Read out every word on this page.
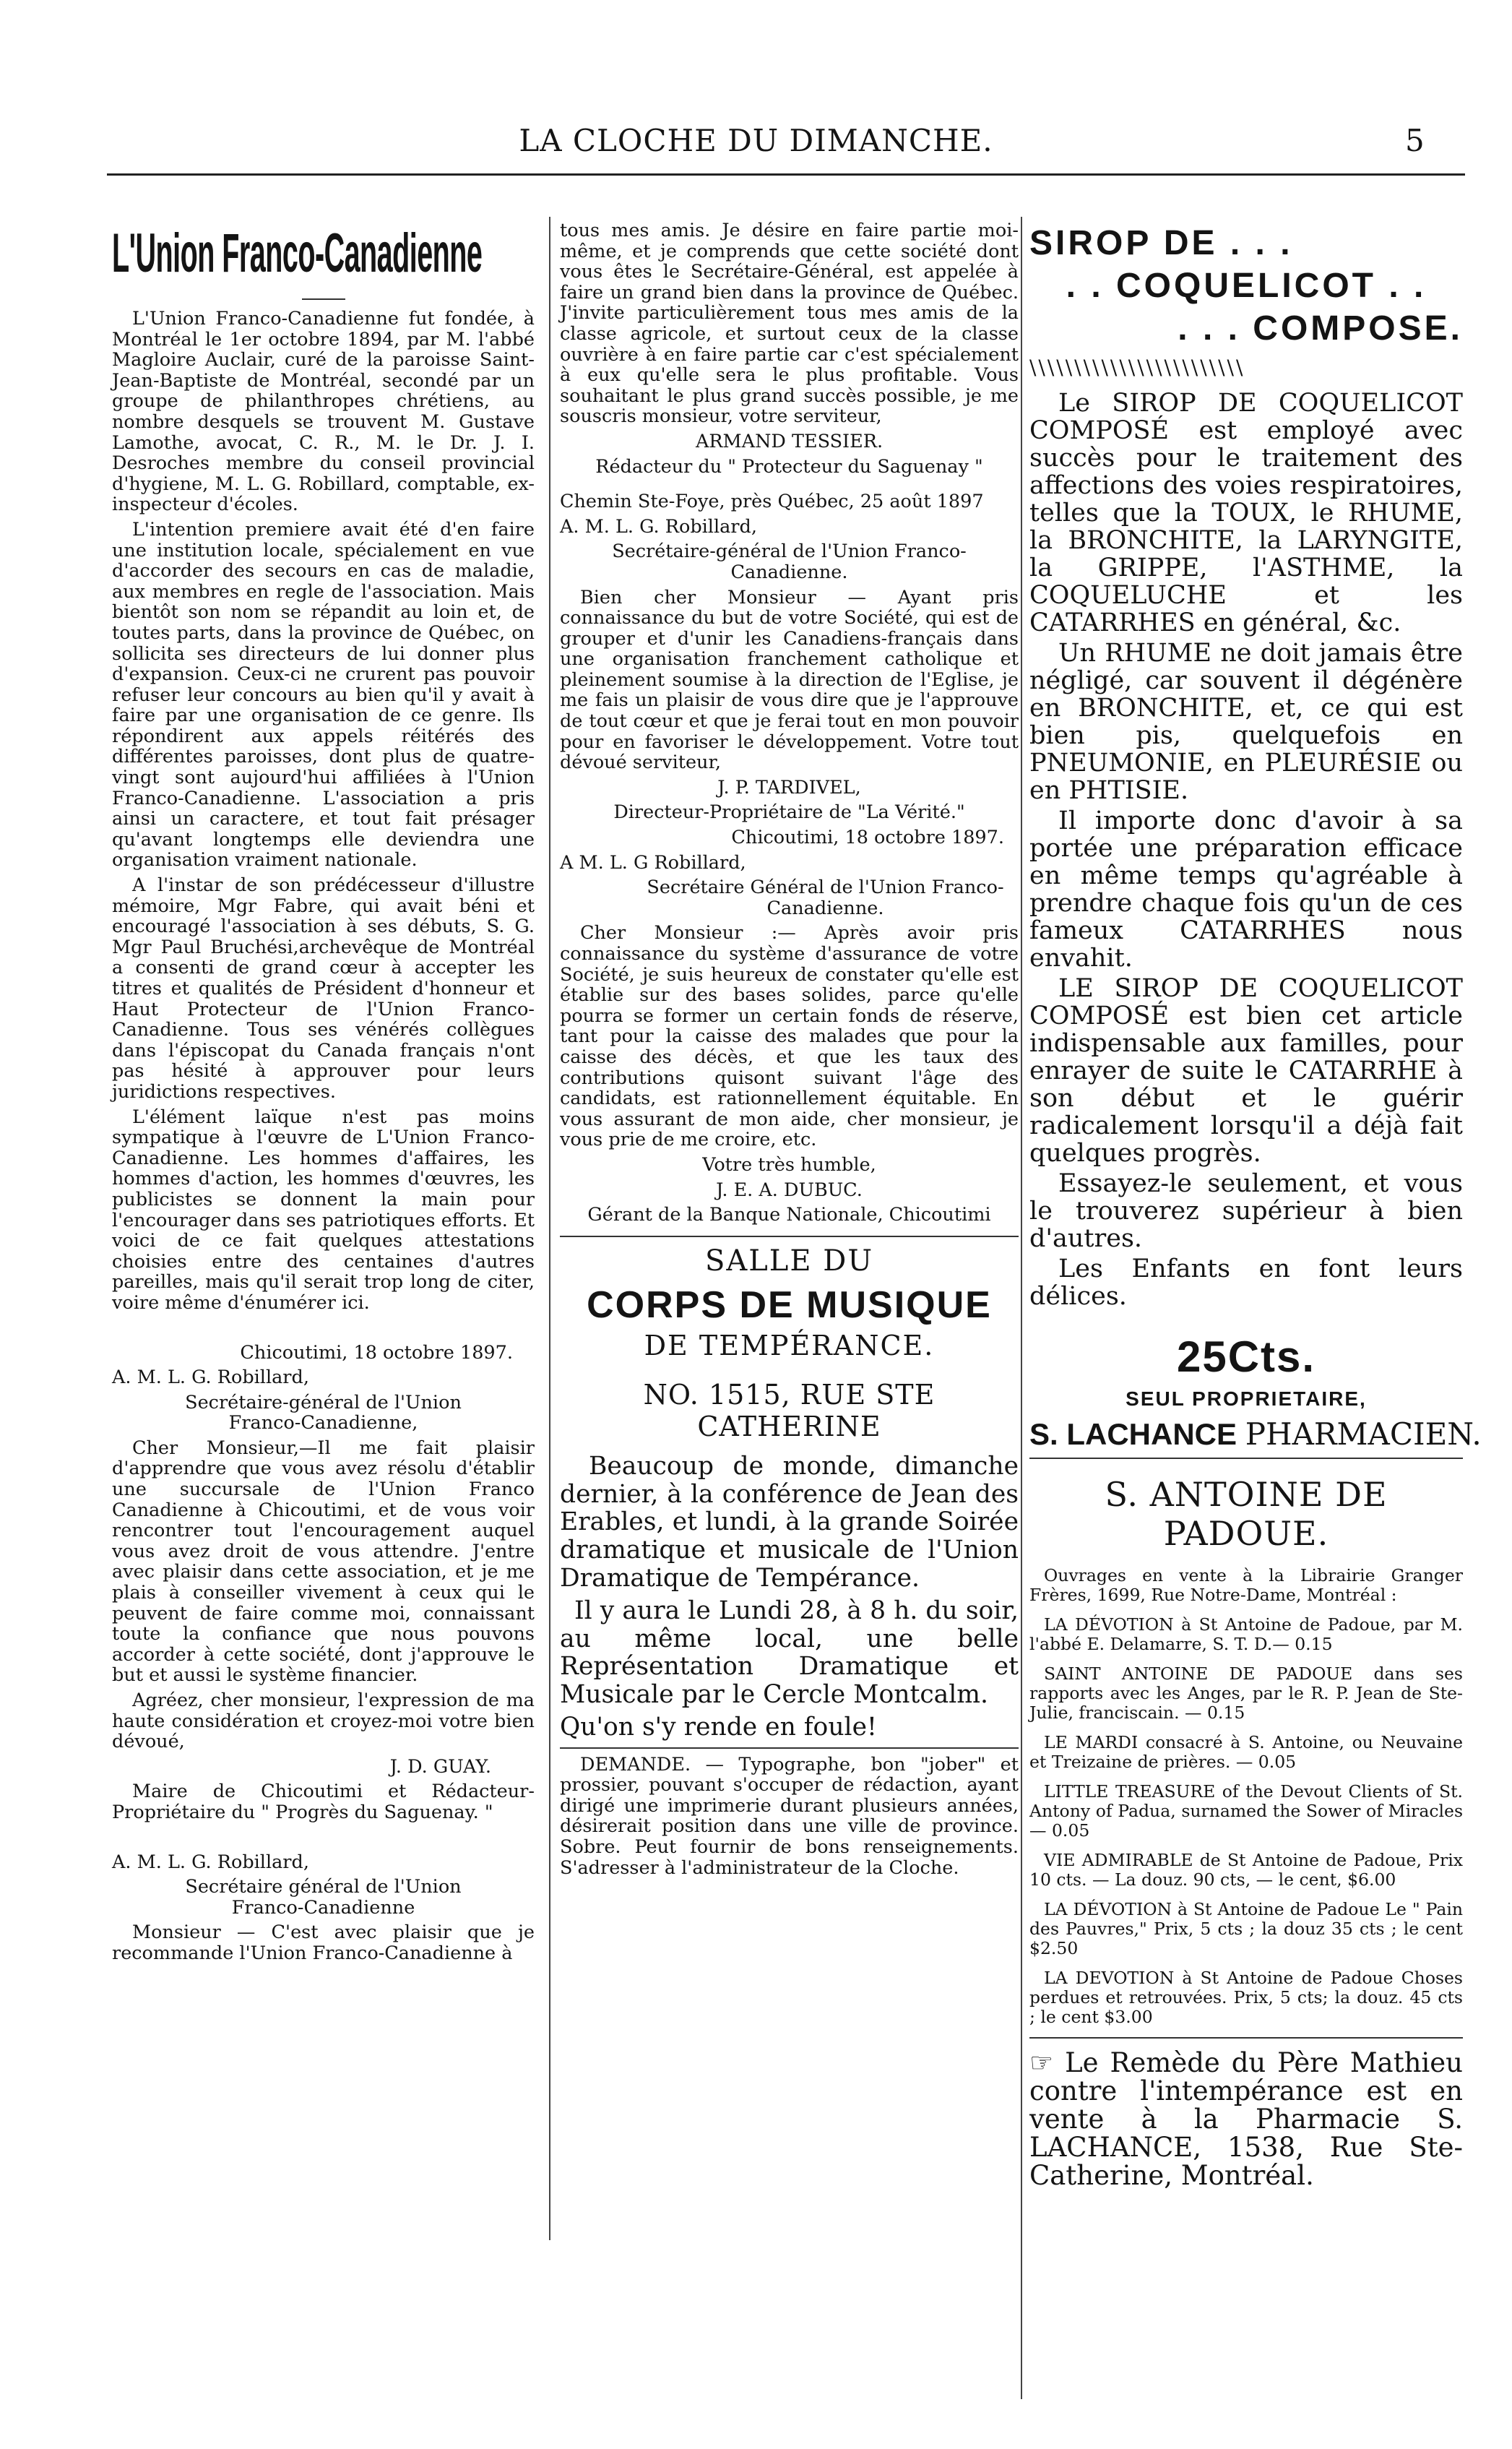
LA CLOCHE DU DIMANCHE.	5
L'Union Franco-Canadienne

L'Union Franco-Canadienne fut fondée, à Montréal le 1er octobre 1894, par M. l'abbé Magloire Auclair, curé de la paroisse Saint-Jean-Baptiste de Montréal, secondé par un groupe de philanthropes chrétiens, au nombre desquels se trouvent M. Gustave Lamothe, avocat, C. R., M. le Dr. J. I. Desroches membre du conseil provincial d'hygiene, M. L. G. Robillard, comptable, ex-inspecteur d'écoles.

L'intention premiere avait été d'en faire une institution locale, spécialement en vue d'accorder des secours en cas de maladie, aux membres en regle de l'association. Mais bientôt son nom se répandit au loin et, de toutes parts, dans la province de Québec, on sollicita ses directeurs de lui donner plus d'expansion. Ceux-ci ne crurent pas pouvoir refuser leur concours au bien qu'il y avait à faire par une organisation de ce genre. Ils répondirent aux appels réitérés des différentes paroisses, dont plus de quatre-vingt sont aujourd'hui affiliées à l'Union Franco-Canadienne. L'association a pris ainsi un caractere, et tout fait présager qu'avant longtemps elle deviendra une organisation vraiment nationale.

A l'instar de son prédécesseur d'illustre mémoire, Mgr Fabre, qui avait béni et encouragé l'association à ses débuts, S. G. Mgr Paul Bruchési,archevêque de Montréal a consenti de grand cœur à accepter les titres et qualités de Président d'honneur et Haut Protecteur de l'Union Franco-Canadienne. Tous ses vénérés collègues dans l'épiscopat du Canada français n'ont pas hésité à approuver pour leurs juridictions respectives.

L'élément laïque n'est pas moins sympatique à l'œuvre de L'Union Franco-Canadienne. Les hommes d'affaires, les hommes d'action, les hommes d'œuvres, les publicistes se donnent la main pour l'encourager dans ses patriotiques efforts. Et voici de ce fait quelques attestations choisies entre des centaines d'autres pareilles, mais qu'il serait trop long de citer, voire même d'énumérer ici.

Chicoutimi, 18 octobre 1897.

A. M. L. G. Robillard,

Secrétaire-général de l'Union Franco-Canadienne,

Cher Monsieur,—Il me fait plaisir d'apprendre que vous avez résolu d'établir une succursale de l'Union Franco Canadienne à Chicoutimi, et de vous voir rencontrer tout l'encouragement auquel vous avez droit de vous attendre. J'entre avec plaisir dans cette association, et je me plais à conseiller vivement à ceux qui le peuvent de faire comme moi, connaissant toute la confiance que nous pouvons accorder à cette société, dont j'approuve le but et aussi le système financier.

Agréez, cher monsieur, l'expression de ma haute considération et croyez-moi votre bien dévoué,

J. D. GUAY.

Maire de Chicoutimi et Rédacteur-Propriétaire du " Progrès du Saguenay. "

A. M. L. G. Robillard,

Secrétaire général de l'Union Franco-Canadienne

Monsieur — C'est avec plaisir que je recommande l'Union Franco-Canadienne à

tous mes amis. Je désire en faire partie moi-même, et je comprends que cette société dont vous êtes le Secrétaire-Général, est appelée à faire un grand bien dans la province de Québec. J'invite particulièrement tous mes amis de la classe agricole, et surtout ceux de la classe ouvrière à en faire partie car c'est spécialement à eux qu'elle sera le plus profitable. Vous souhaitant le plus grand succès possible, je me souscris monsieur, votre serviteur,

ARMAND TESSIER.

Rédacteur du " Protecteur du Saguenay "

Chemin Ste-Foye, près Québec, 25 août 1897

A. M. L. G. Robillard,

Secrétaire-général de l'Union Franco-Canadienne.

Bien cher Monsieur — Ayant pris connaissance du but de votre Société, qui est de grouper et d'unir les Canadiens-français dans une organisation franchement catholique et pleinement soumise à la direction de l'Eglise, je me fais un plaisir de vous dire que je l'approuve de tout cœur et que je ferai tout en mon pouvoir pour en favoriser le développement. Votre tout dévoué serviteur,

J. P. TARDIVEL,

Directeur-Propriétaire de "La Vérité."

Chicoutimi, 18 octobre 1897.

A M. L. G Robillard,

Secrétaire Général de l'Union Franco-Canadienne.

Cher Monsieur :— Après avoir pris connaissance du système d'assurance de votre Société, je suis heureux de constater qu'elle est établie sur des bases solides, parce qu'elle pourra se former un certain fonds de réserve, tant pour la caisse des malades que pour la caisse des décès, et que les taux des contributions quisont suivant l'âge des candidats, est rationnellement équitable. En vous assurant de mon aide, cher monsieur, je vous prie de me croire, etc.

Votre très humble,

J. E. A. DUBUC.

Gérant de la Banque Nationale, Chicoutimi

SALLE DU
CORPS DE MUSIQUE
DE TEMPÉRANCE.
NO. 1515, RUE STE CATHERINE

Beaucoup de monde, dimanche dernier, à la conférence de Jean des Erables, et lundi, à la grande Soirée dramatique et musicale de l'Union Dramatique de Tempérance.

Il y aura le Lundi 28, à 8 h. du soir, au même local, une belle Représentation Dramatique et Musicale par le Cercle Montcalm.

Qu'on s'y rende en foule!

DEMANDE. — Typographe, bon "jober" et prossier, pouvant s'occuper de rédaction, ayant dirigé une imprimerie durant plusieurs années, désirerait position dans une ville de province. Sobre. Peut fournir de bons renseignements. S'adresser à l'administrateur de la Cloche.

SIROP DE . . .
. . COQUELICOT . .
. . . COMPOSE.
\\\\\\\\\\\\\\\\\\\\\\\\

Le SIROP DE COQUELICOT COMPOSÉ est employé avec succès pour le traitement des affections des voies respiratoires, telles que la TOUX, le RHUME, la BRONCHITE, la LARYNGITE, la GRIPPE, l'ASTHME, la COQUELUCHE et les CATARRHES en général, &c.

Un RHUME ne doit jamais être négligé, car souvent il dégénère en BRONCHITE, et, ce qui est bien pis, quelquefois en PNEUMONIE, en PLEURÉSIE ou en PHTISIE.

Il importe donc d'avoir à sa portée une préparation efficace en même temps qu'agréable à prendre chaque fois qu'un de ces fameux CATARRHES nous envahit.

LE SIROP DE COQUELICOT COMPOSÉ est bien cet article indispensable aux familles, pour enrayer de suite le CATARRHE à son début et le guérir radicalement lorsqu'il a déjà fait quelques progrès.

Essayez-le seulement, et vous le trouverez supérieur à bien d'autres.

Les Enfants en font leurs délices.

25Cts.
SEUL PROPRIETAIRE,
S. LACHANCE PHARMACIEN.
S. ANTOINE DE PADOUE.

Ouvrages en vente à la Librairie Granger Frères, 1699, Rue Notre-Dame, Montréal :

LA DÉVOTION à St Antoine de Padoue, par M. l'abbé E. Delamarre, S. T. D.— 0.15

SAINT ANTOINE DE PADOUE dans ses rapports avec les Anges, par le R. P. Jean de Ste-Julie, franciscain. — 0.15

LE MARDI consacré à S. Antoine, ou Neuvaine et Treizaine de prières. — 0.05

LITTLE TREASURE of the Devout Clients of St. Antony of Padua, surnamed the Sower of Miracles — 0.05

VIE ADMIRABLE de St Antoine de Padoue, Prix 10 cts. — La douz. 90 cts, — le cent, $6.00

LA DÉVOTION à St Antoine de Padoue Le " Pain des Pauvres," Prix, 5 cts ; la douz 35 cts ; le cent $2.50

LA DEVOTION à St Antoine de Padoue Choses perdues et retrouvées. Prix, 5 cts; la douz. 45 cts ; le cent $3.00

☞ Le Remède du Père Mathieu contre l'intempérance est en vente à la Pharmacie S. LACHANCE, 1538, Rue Ste-Catherine, Montréal.
